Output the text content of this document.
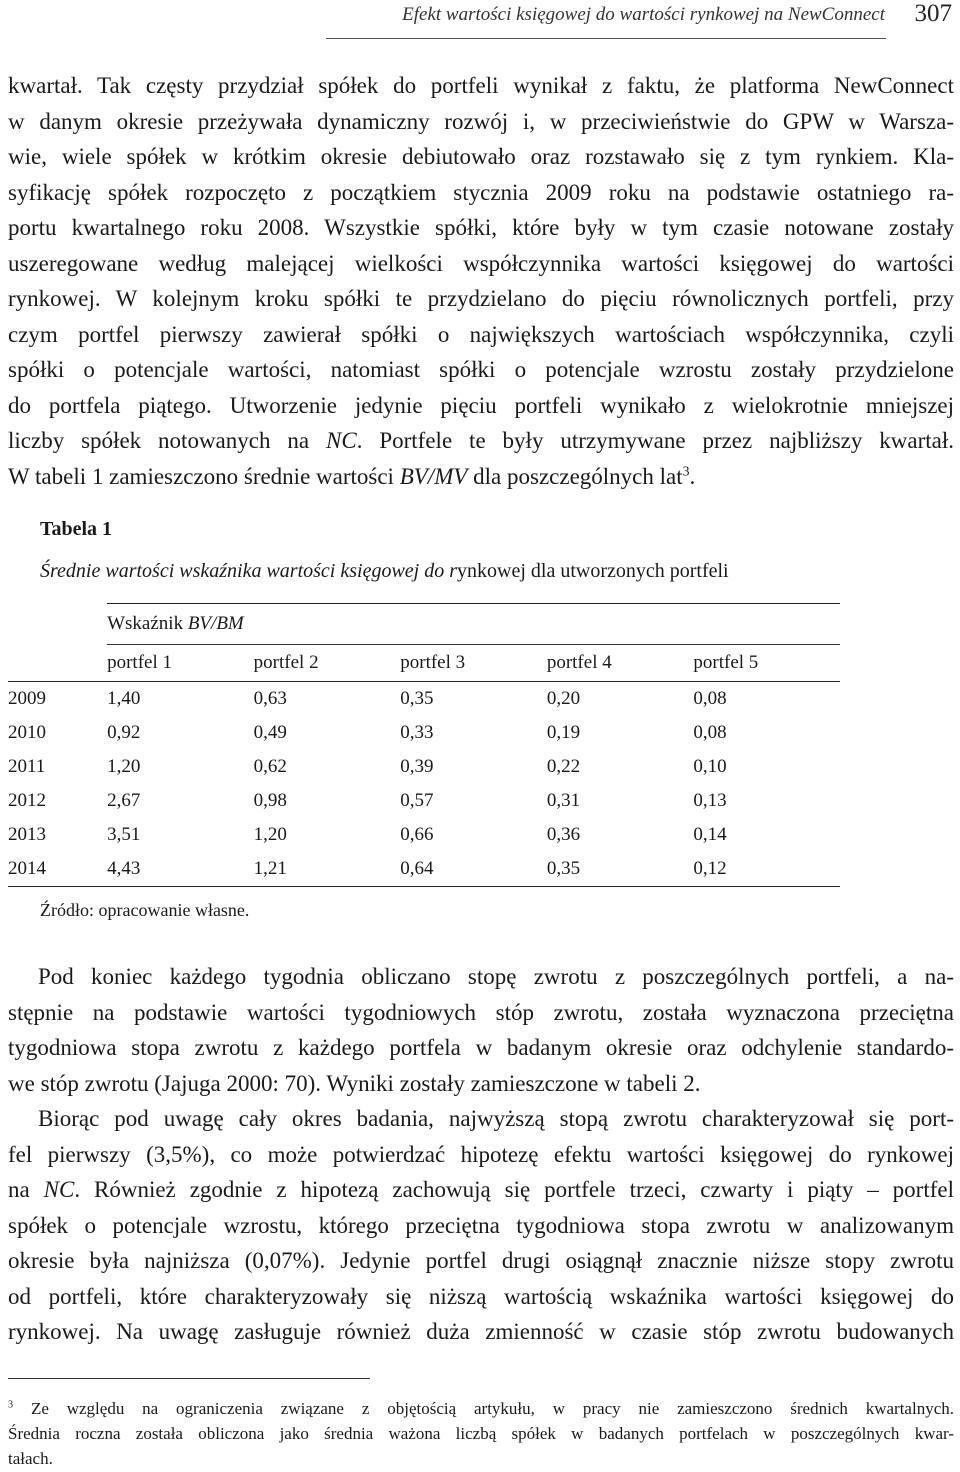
Efekt wartości księgowej do wartości rynkowej na NewConnect 307
kwartał. Tak częsty przydział spółek do portfeli wynikał z faktu, że platforma NewConnect
w danym okresie przeżywała dynamiczny rozwój i, w przeciwieństwie do GPW w Warsza-
wie, wiele spółek w krótkim okresie debiutowało oraz rozstawało się z tym rynkiem. Kla-
syfikację spółek rozpoczęto z początkiem stycznia 2009 roku na podstawie ostatniego ra-
portu kwartalnego roku 2008. Wszystkie spółki, które były w tym czasie notowane zostały
uszeregowane według malejącej wielkości współczynnika wartości księgowej do wartości
rynkowej. W kolejnym kroku spółki te przydzielano do pięciu równolicznych portfeli, przy
czym portfel pierwszy zawierał spółki o największych wartościach współczynnika, czyli
spółki o potencjale wartości, natomiast spółki o potencjale wzrostu zostały przydzielone
do portfela piątego. Utworzenie jedynie pięciu portfeli wynikało z wielokrotnie mniejszej
liczby spółek notowanych na NC. Portfele te były utrzymywane przez najbliższy kwartał.
W tabeli 1 zamieszczono średnie wartości BV/MV dla poszczególnych lat$^3$.
Tabela 1
Średnie wartości wskaźnika wartości księgowej do rynkowej dla utworzonych portfeli
	Wskaźnik BV/BM				
	portfel 1	portfel 2	portfel 3	portfel 4	portfel 5
2009	1,40	0,63	0,35	0,20	0,08
2010	0,92	0,49	0,33	0,19	0,08
2011	1,20	0,62	0,39	0,22	0,10
2012	2,67	0,98	0,57	0,31	0,13
2013	3,51	1,20	0,66	0,36	0,14
2014	4,43	1,21	0,64	0,35	0,12
Źródło: opracowanie własne.
Pod koniec każdego tygodnia obliczano stopę zwrotu z poszczególnych portfeli, a na-
stępnie na podstawie wartości tygodniowych stóp zwrotu, została wyznaczona przeciętna
tygodniowa stopa zwrotu z każdego portfela w badanym okresie oraz odchylenie standardo-
we stóp zwrotu (Jajuga 2000: 70). Wyniki zostały zamieszczone w tabeli 2.
Biorąc pod uwagę cały okres badania, najwyższą stopą zwrotu charakteryzował się port-
fel pierwszy (3,5%), co może potwierdzać hipotezę efektu wartości księgowej do rynkowej
na NC. Również zgodnie z hipotezą zachowują się portfele trzeci, czwarty i piąty – portfel
spółek o potencjale wzrostu, którego przeciętna tygodniowa stopa zwrotu w analizowanym
okresie była najniższa (0,07%). Jedynie portfel drugi osiągnął znacznie niższe stopy zwrotu
od portfeli, które charakteryzowały się niższą wartością wskaźnika wartości księgowej do
rynkowej. Na uwagę zasługuje również duża zmienność w czasie stóp zwrotu budowanych
$^3$ Ze względu na ograniczenia związane z objętością artykułu, w pracy nie zamieszczono średnich kwartalnych.
Średnia roczna została obliczona jako średnia ważona liczbą spółek w badanych portfelach w poszczególnych kwar-
tałach.
